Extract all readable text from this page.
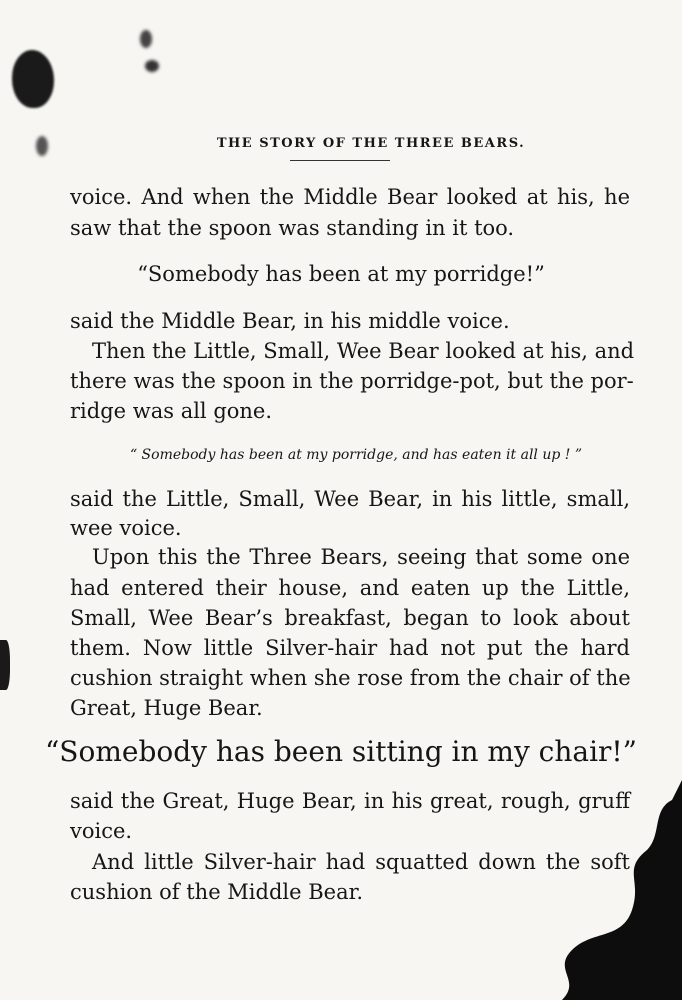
THE STORY OF THE THREE BEARS.
voice. And when the Middle Bear looked at his, he
saw that the spoon was standing in it too.
“Somebody has been at my porridge!”
said the Middle Bear, in his middle voice.
Then the Little, Small, Wee Bear looked at his, and
there was the spoon in the porridge-pot, but the por-
ridge was all gone.
“ Somebody has been at my porridge, and has eaten it all up ! ”
said the Little, Small, Wee Bear, in his little, small,
wee voice.
Upon this the Three Bears, seeing that some one
had entered their house, and eaten up the Little,
Small, Wee Bear’s breakfast, began to look about
them. Now little Silver-hair had not put the hard
cushion straight when she rose from the chair of the
Great, Huge Bear.
“Somebody has been sitting in my chair!”
said the Great, Huge Bear, in his great, rough, gruff
voice.
And little Silver-hair had squatted down the soft
cushion of the Middle Bear.
